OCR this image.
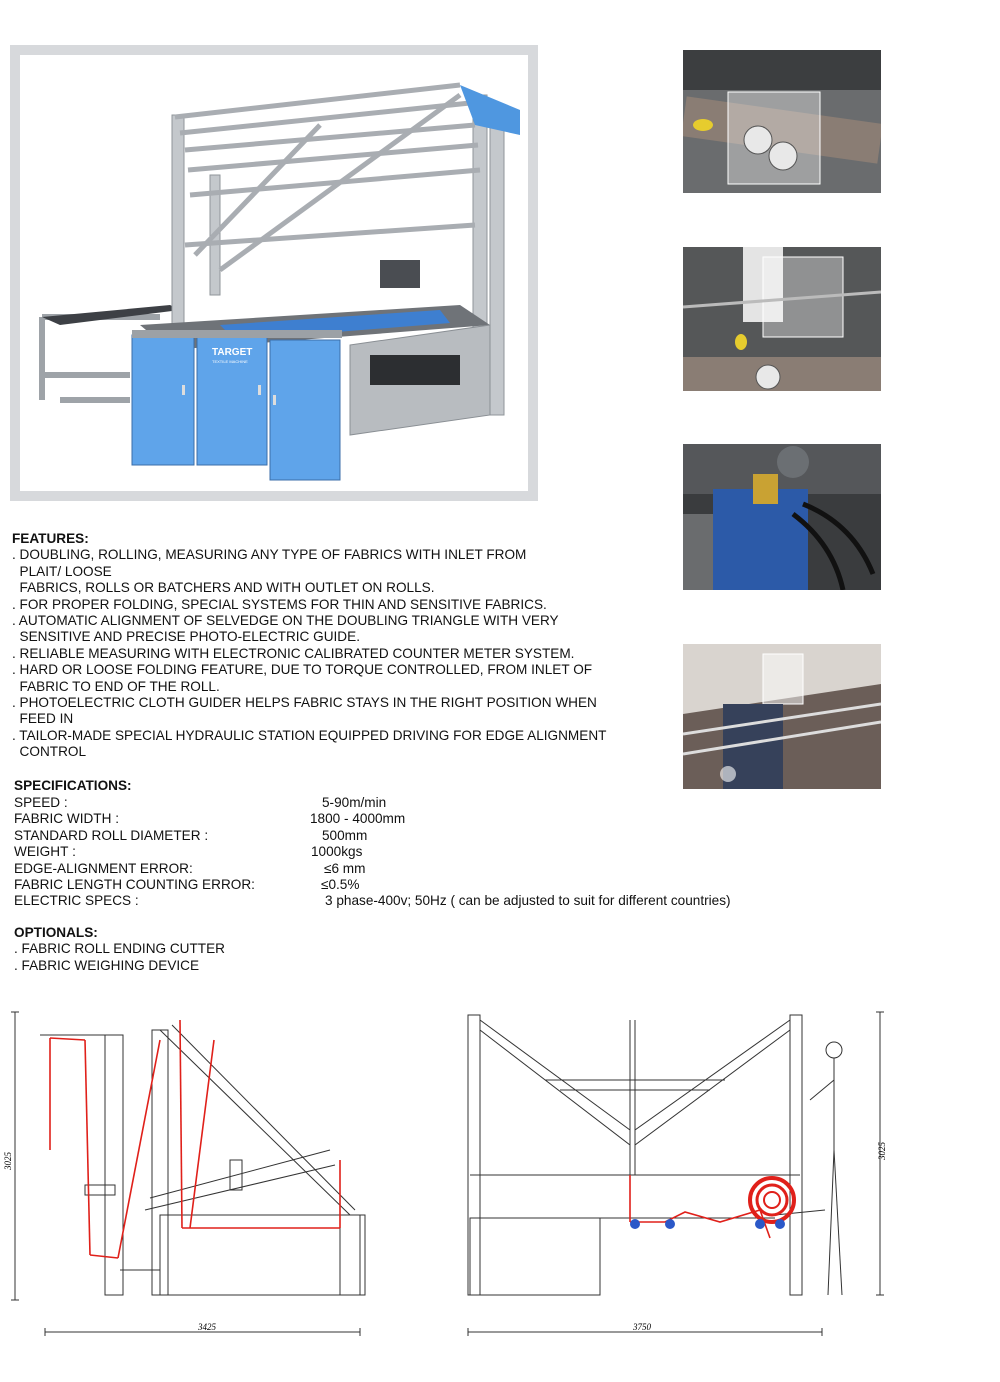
TARGET
TEXTILE MACHINE
FEATURES:
. DOUBLING, ROLLING, MEASURING ANY TYPE OF FABRICS WITH INLET FROM
PLAIT/ LOOSE
FABRICS, ROLLS OR BATCHERS AND WITH OUTLET ON ROLLS.
. FOR PROPER FOLDING, SPECIAL SYSTEMS FOR THIN AND SENSITIVE FABRICS.
. AUTOMATIC ALIGNMENT OF SELVEDGE ON THE DOUBLING TRIANGLE WITH VERY
SENSITIVE AND PRECISE PHOTO-ELECTRIC GUIDE.
. RELIABLE MEASURING WITH ELECTRONIC CALIBRATED COUNTER METER SYSTEM.
. HARD OR LOOSE FOLDING FEATURE, DUE TO TORQUE CONTROLLED, FROM INLET OF
FABRIC TO END OF THE ROLL.
. PHOTOELECTRIC CLOTH GUIDER HELPS FABRIC STAYS IN THE RIGHT POSITION WHEN
FEED IN
. TAILOR-MADE SPECIAL HYDRAULIC STATION EQUIPPED DRIVING FOR EDGE ALIGNMENT
CONTROL
SPECIFICATIONS:
SPEED :	5-90m/min
FABRIC WIDTH :	1800 - 4000mm
STANDARD ROLL DIAMETER :	500mm
WEIGHT :	1000kgs
EDGE-ALIGNMENT ERROR:	≤6 mm
FABRIC LENGTH COUNTING ERROR:	≤0.5%
ELECTRIC SPECS :	3 phase-400v; 50Hz ( can be adjusted to suit for different countries)
OPTIONALS:
. FABRIC ROLL ENDING CUTTER
. FABRIC WEIGHING DEVICE
3025
3425
3025
3750
